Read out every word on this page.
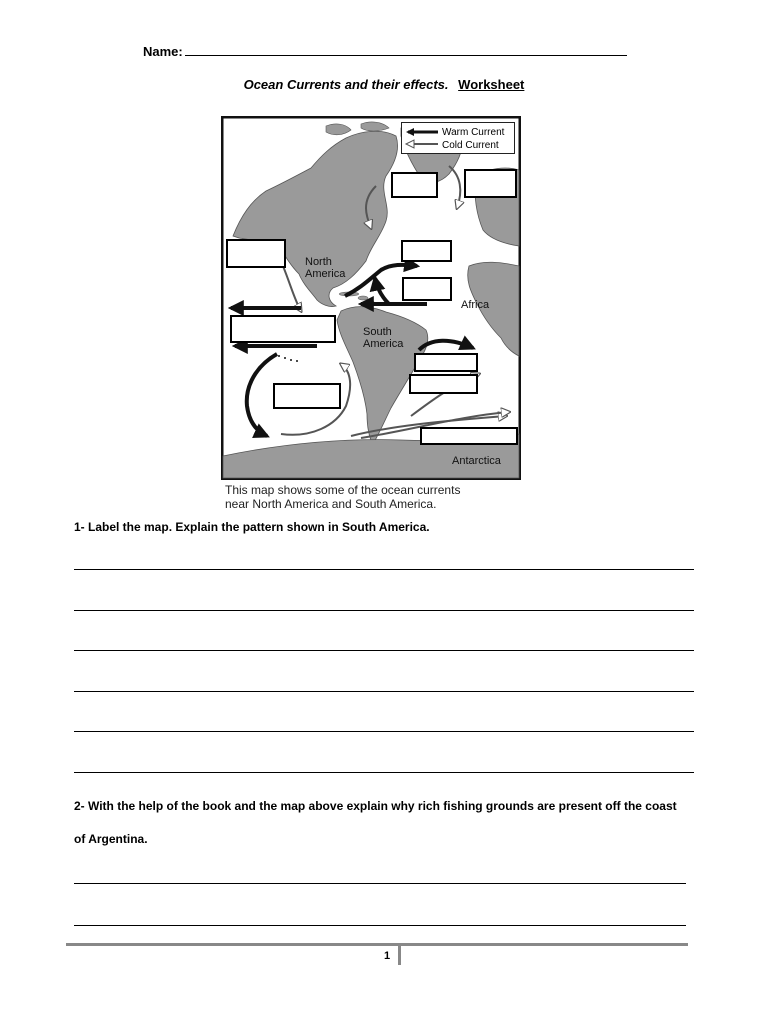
Name:
Ocean Currents and their effects. Worksheet
Warm Current
Cold Current
North
America
South
America
Africa
Antarctica
This map shows some of the ocean currents
near North America and South America.
1- Label the map. Explain the pattern shown in South America.
2- With the help of the book and the map above explain why rich fishing grounds are present off the coast
of Argentina.
1
